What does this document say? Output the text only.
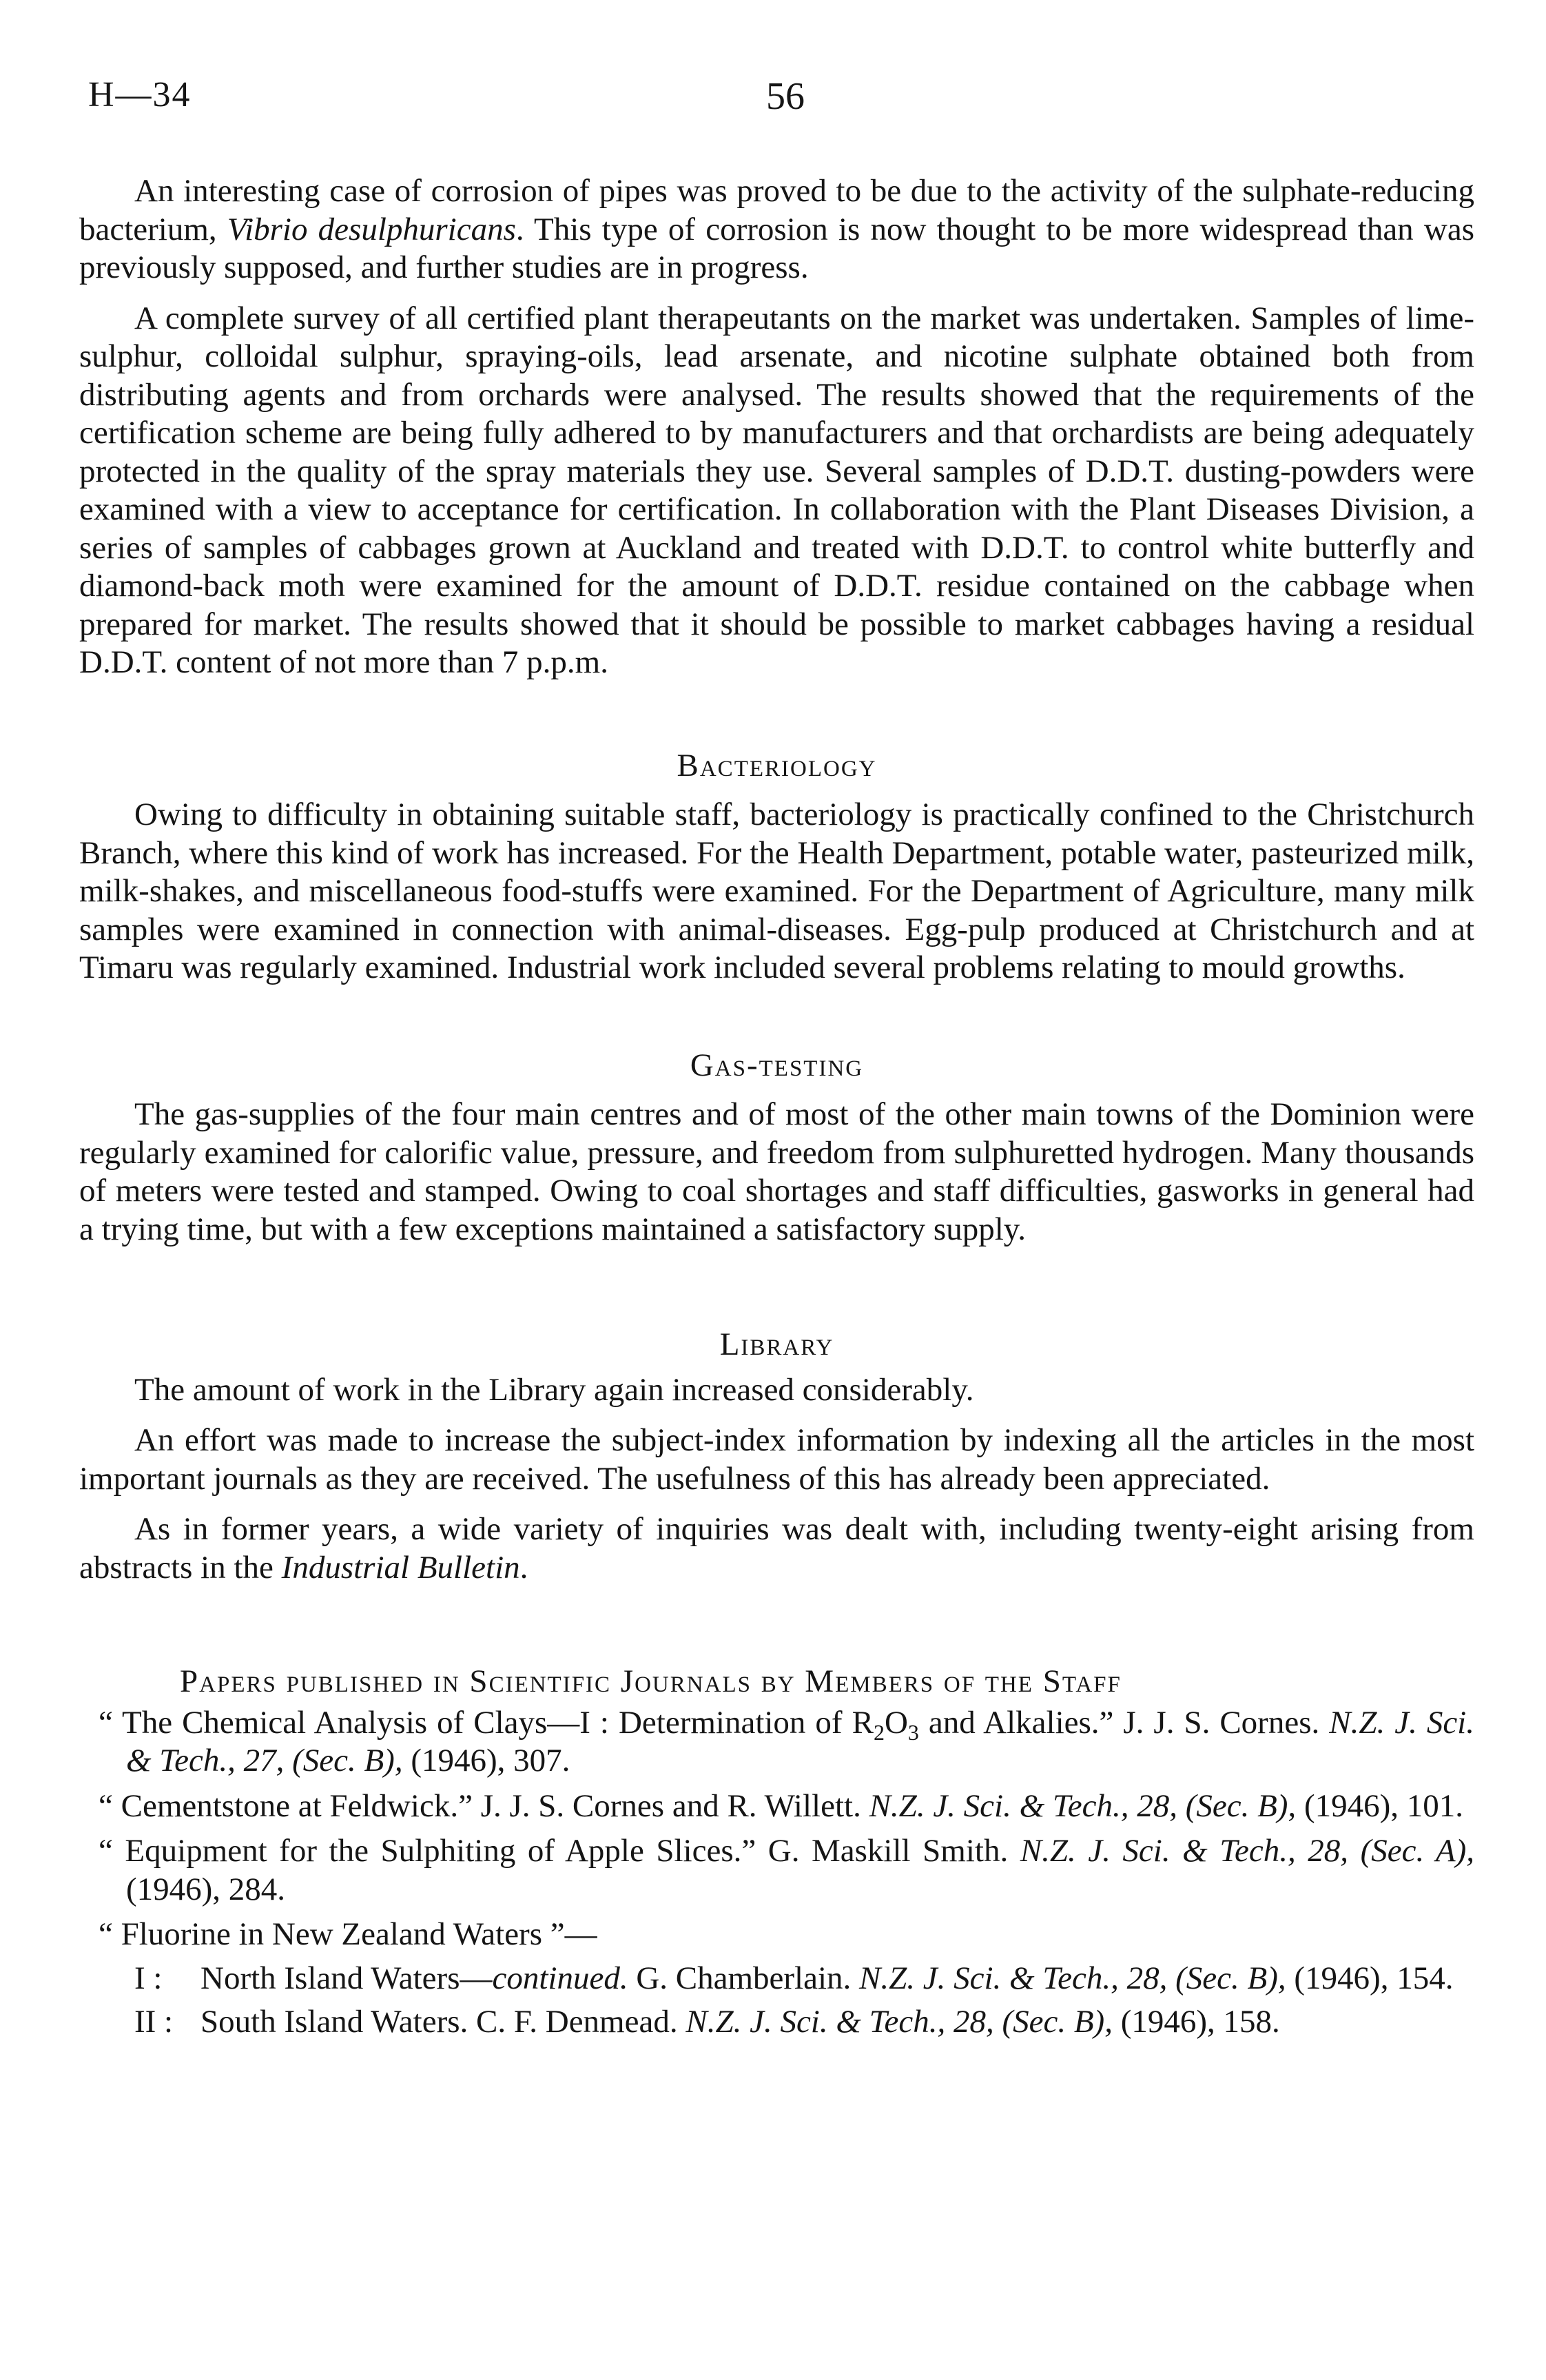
H—34	56

An interesting case of corrosion of pipes was proved to be due to the activity of the sulphate-reducing bacterium, Vibrio desulphuricans. This type of corrosion is now thought to be more widespread than was previously supposed, and further studies are in progress.

A complete survey of all certified plant therapeutants on the market was undertaken. Samples of lime-sulphur, colloidal sulphur, spraying-oils, lead arsenate, and nicotine sulphate obtained both from distributing agents and from orchards were analysed. The results showed that the requirements of the certification scheme are being fully adhered to by manufacturers and that orchardists are being adequately protected in the quality of the spray materials they use. Several samples of D.D.T. dusting-powders were examined with a view to acceptance for certification. In collaboration with the Plant Diseases Division, a series of samples of cabbages grown at Auckland and treated with D.D.T. to control white butterfly and diamond-back moth were examined for the amount of D.D.T. residue contained on the cabbage when prepared for market. The results showed that it should be possible to market cabbages having a residual D.D.T. content of not more than 7 p.p.m.

Bacteriology

Owing to difficulty in obtaining suitable staff, bacteriology is practically confined to the Christchurch Branch, where this kind of work has increased. For the Health Department, potable water, pasteurized milk, milk-shakes, and miscellaneous food-stuffs were examined. For the Department of Agriculture, many milk samples were examined in connection with animal-diseases. Egg-pulp produced at Christchurch and at Timaru was regularly examined. Industrial work included several problems relating to mould growths.

Gas-testing

The gas-supplies of the four main centres and of most of the other main towns of the Dominion were regularly examined for calorific value, pressure, and freedom from sulphuretted hydrogen. Many thousands of meters were tested and stamped. Owing to coal shortages and staff difficulties, gasworks in general had a trying time, but with a few exceptions maintained a satisfactory supply.

Library

The amount of work in the Library again increased considerably.

An effort was made to increase the subject-index information by indexing all the articles in the most important journals as they are received. The usefulness of this has already been appreciated.

As in former years, a wide variety of inquiries was dealt with, including twenty-eight arising from abstracts in the Industrial Bulletin.

Papers published in Scientific Journals by Members of the Staff
“ The Chemical Analysis of Clays—I : Determination of $R_2O_3$ and Alkalies.” J. J. S. Cornes. N.Z. J. Sci. & Tech., 27, (Sec. B), (1946), 307.
“ Cementstone at Feldwick.” J. J. S. Cornes and R. Willett. N.Z. J. Sci. & Tech., 28, (Sec. B), (1946), 101.
“ Equipment for the Sulphiting of Apple Slices.” G. Maskill Smith. N.Z. J. Sci. & Tech., 28, (Sec. A), (1946), 284.
“ Fluorine in New Zealand Waters ”—
I :	North Island Waters—continued. G. Chamberlain. N.Z. J. Sci. & Tech., 28, (Sec. B), (1946), 154.
II : South Island Waters. C. F. Denmead. N.Z. J. Sci. & Tech., 28, (Sec. B), (1946), 158.
